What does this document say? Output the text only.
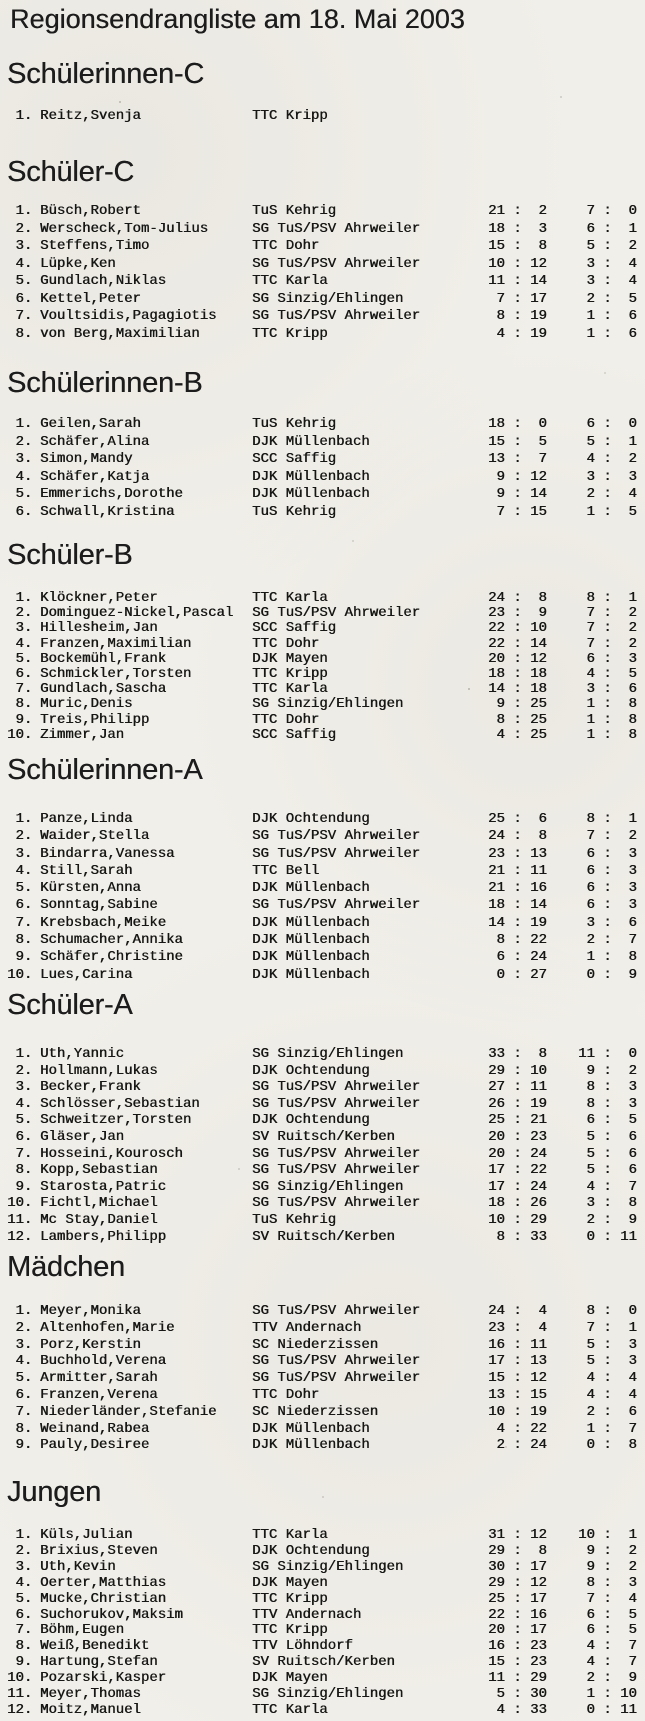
Regionsendrangliste am 18. Mai 2003
Schülerinnen-C
1. Reitz,Svenja	TTC Kripp
Schüler-C
1. Büsch,Robert	TuS Kehrig	21 :  2 7 :  0
2. Werscheck,Tom-Julius	SG TuS/PSV Ahrweiler	18 :  3 6 :  1
3. Steffens,Timo	TTC Dohr	15 :  8 5 :  2
4. Lüpke,Ken	SG TuS/PSV Ahrweiler	10 : 12 3 :  4
5. Gundlach,Niklas	TTC Karla	11 : 14 3 :  4
6. Kettel,Peter	SG Sinzig/Ehlingen	7 : 17 2 :  5
7. Voultsidis,Pagagiotis	SG TuS/PSV Ahrweiler	8 : 19 1 :  6
8. von Berg,Maximilian	TTC Kripp	4 : 19 1 :  6
Schülerinnen-B
1. Geilen,Sarah	TuS Kehrig	18 :  0 6 :  0
2. Schäfer,Alina	DJK Müllenbach	15 :  5 5 :  1
3. Simon,Mandy	SCC Saffig	13 :  7 4 :  2
4. Schäfer,Katja	DJK Müllenbach	9 : 12 3 :  3
5. Emmerichs,Dorothe	DJK Müllenbach	9 : 14 2 :  4
6. Schwall,Kristina	TuS Kehrig	7 : 15 1 :  5
Schüler-B
1. Klöckner,Peter	TTC Karla	24 :  8 8 :  1
2. Dominguez-Nickel,Pascal	SG TuS/PSV Ahrweiler	23 :  9 7 :  2
3. Hillesheim,Jan	SCC Saffig	22 : 10 7 :  2
4. Franzen,Maximilian	TTC Dohr	22 : 14 7 :  2
5. Bockemühl,Frank	DJK Mayen	20 : 12 6 :  3
6. Schmickler,Torsten	TTC Kripp	18 : 18 4 :  5
7. Gundlach,Sascha	TTC Karla	14 : 18 3 :  6
8. Muric,Denis	SG Sinzig/Ehlingen	9 : 25 1 :  8
9. Treis,Philipp	TTC Dohr	8 : 25 1 :  8
10. Zimmer,Jan	SCC Saffig	4 : 25 1 :  8
Schülerinnen-A
1. Panze,Linda	DJK Ochtendung	25 :  6 8 :  1
2. Waider,Stella	SG TuS/PSV Ahrweiler	24 :  8 7 :  2
3. Bindarra,Vanessa	SG TuS/PSV Ahrweiler	23 : 13 6 :  3
4. Still,Sarah	TTC Bell	21 : 11 6 :  3
5. Kürsten,Anna	DJK Müllenbach	21 : 16 6 :  3
6. Sonntag,Sabine	SG TuS/PSV Ahrweiler	18 : 14 6 :  3
7. Krebsbach,Meike	DJK Müllenbach	14 : 19 3 :  6
8. Schumacher,Annika	DJK Müllenbach	8 : 22 2 :  7
9. Schäfer,Christine	DJK Müllenbach	6 : 24 1 :  8
10. Lues,Carina	DJK Müllenbach	0 : 27 0 :  9
Schüler-A
1. Uth,Yannic	SG Sinzig/Ehlingen	33 :  8 11 :  0
2. Hollmann,Lukas	DJK Ochtendung	29 : 10 9 :  2
3. Becker,Frank	SG TuS/PSV Ahrweiler	27 : 11 8 :  3
4. Schlösser,Sebastian	SG TuS/PSV Ahrweiler	26 : 19 8 :  3
5. Schweitzer,Torsten	DJK Ochtendung	25 : 21 6 :  5
6. Gläser,Jan	SV Ruitsch/Kerben	20 : 23 5 :  6
7. Hosseini,Kourosch	SG TuS/PSV Ahrweiler	20 : 24 5 :  6
8. Kopp,Sebastian	SG TuS/PSV Ahrweiler	17 : 22 5 :  6
9. Starosta,Patric	SG Sinzig/Ehlingen	17 : 24 4 :  7
10. Fichtl,Michael	SG TuS/PSV Ahrweiler	18 : 26 3 :  8
11. Mc Stay,Daniel	TuS Kehrig	10 : 29 2 :  9
12. Lambers,Philipp	SV Ruitsch/Kerben	8 : 33 0 : 11
Mädchen
1. Meyer,Monika	SG TuS/PSV Ahrweiler	24 :  4 8 :  0
2. Altenhofen,Marie	TTV Andernach	23 :  4 7 :  1
3. Porz,Kerstin	SC Niederzissen	16 : 11 5 :  3
4. Buchhold,Verena	SG TuS/PSV Ahrweiler	17 : 13 5 :  3
5. Armitter,Sarah	SG TuS/PSV Ahrweiler	15 : 12 4 :  4
6. Franzen,Verena	TTC Dohr	13 : 15 4 :  4
7. Niederländer,Stefanie	SC Niederzissen	10 : 19 2 :  6
8. Weinand,Rabea	DJK Müllenbach	4 : 22 1 :  7
9. Pauly,Desiree	DJK Müllenbach	2 : 24 0 :  8
Jungen
1. Küls,Julian	TTC Karla	31 : 12 10 :  1
2. Brixius,Steven	DJK Ochtendung	29 :  8 9 :  2
3. Uth,Kevin	SG Sinzig/Ehlingen	30 : 17 9 :  2
4. Oerter,Matthias	DJK Mayen	29 : 12 8 :  3
5. Mucke,Christian	TTC Kripp	25 : 17 7 :  4
6. Suchorukov,Maksim	TTV Andernach	22 : 16 6 :  5
7. Böhm,Eugen	TTC Kripp	20 : 17 6 :  5
8. Weiß,Benedikt	TTV Löhndorf	16 : 23 4 :  7
9. Hartung,Stefan	SV Ruitsch/Kerben	15 : 23 4 :  7
10. Pozarski,Kasper	DJK Mayen	11 : 29 2 :  9
11. Meyer,Thomas	SG Sinzig/Ehlingen	5 : 30 1 : 10
12. Moitz,Manuel	TTC Karla	4 : 33 0 : 11
